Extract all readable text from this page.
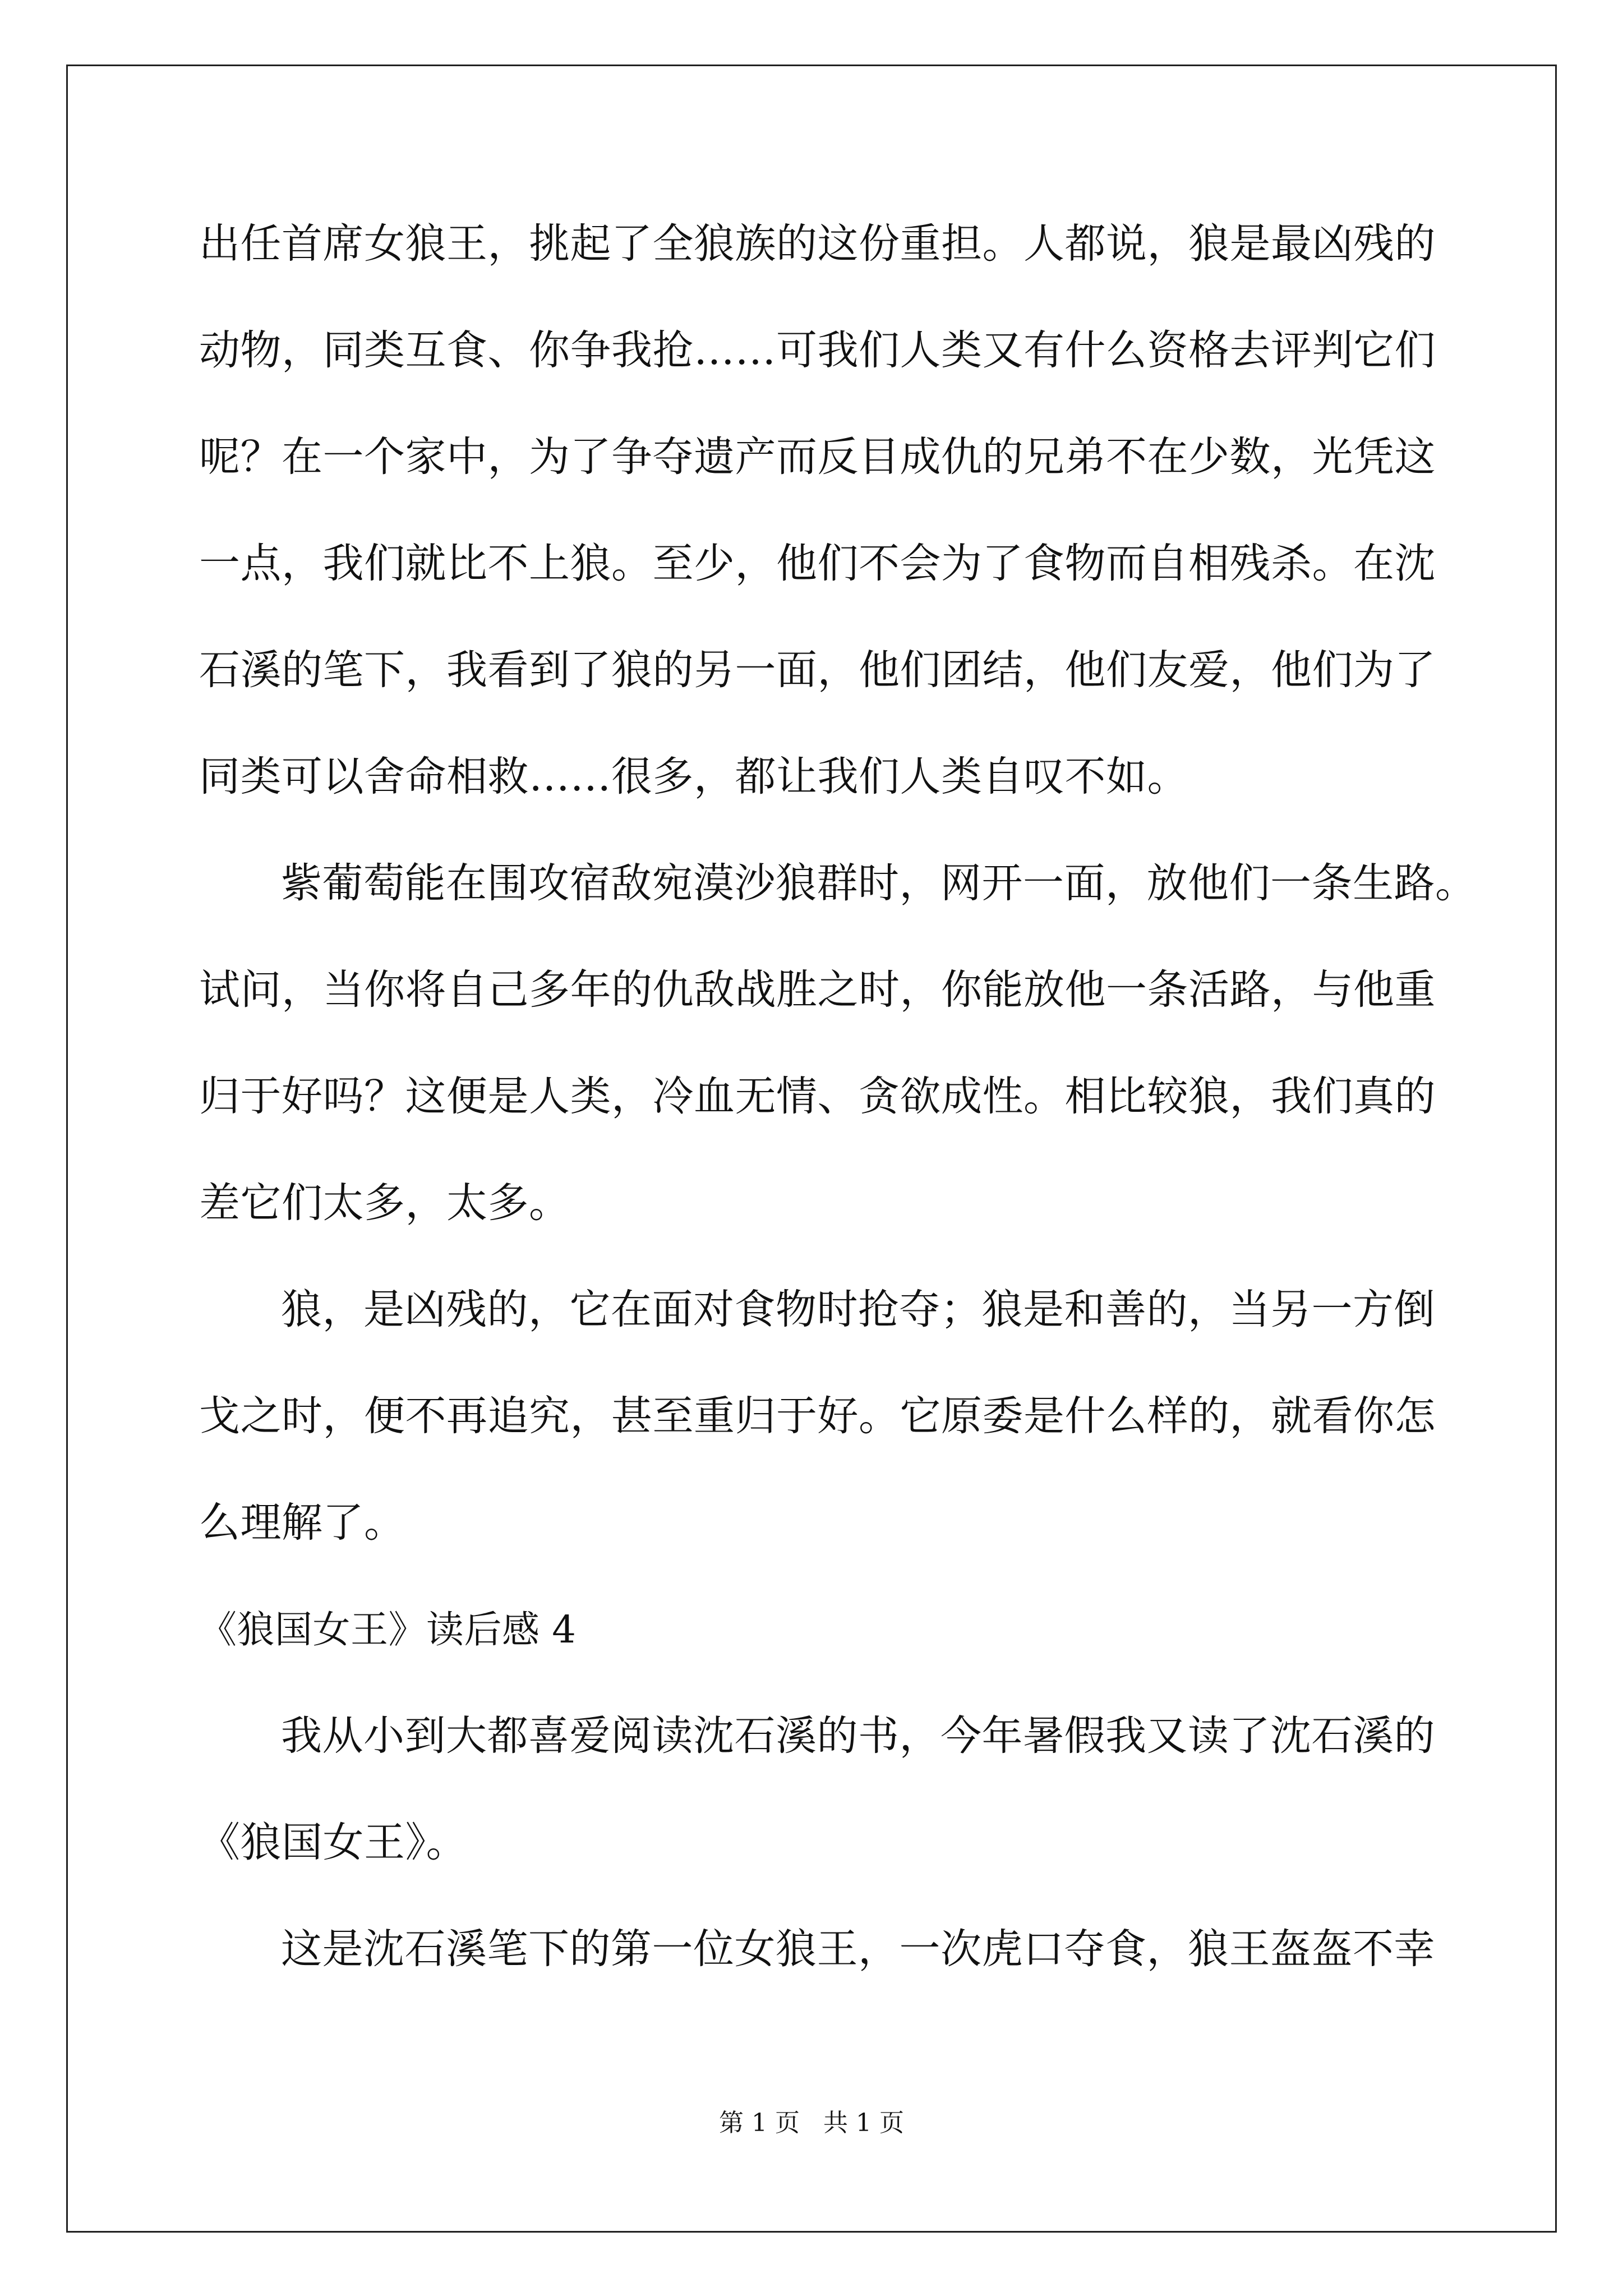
出任首席女狼王，挑起了全狼族的这份重担。人都说，狼是最凶残的
动物，同类互食、你争我抢……可我们人类又有什么资格去评判它们
呢？在一个家中，为了争夺遗产而反目成仇的兄弟不在少数，光凭这
一点，我们就比不上狼。至少，他们不会为了食物而自相残杀。在沈
石溪的笔下，我看到了狼的另一面，他们团结，他们友爱，他们为了
同类可以舍命相救……很多，都让我们人类自叹不如。
紫葡萄能在围攻宿敌宛漠沙狼群时，网开一面，放他们一条生路。
试问，当你将自己多年的仇敌战胜之时，你能放他一条活路，与他重
归于好吗？这便是人类，冷血无情、贪欲成性。相比较狼，我们真的
差它们太多，太多。
狼，是凶残的，它在面对食物时抢夺；狼是和善的，当另一方倒
戈之时，便不再追究，甚至重归于好。它原委是什么样的，就看你怎
么理解了。
《狼国女王》读后感 4
我从小到大都喜爱阅读沈石溪的书，今年暑假我又读了沈石溪的
《狼国女王》。
这是沈石溪笔下的第一位女狼王，一次虎口夺食，狼王盔盔不幸
第 1 页 共 1 页
